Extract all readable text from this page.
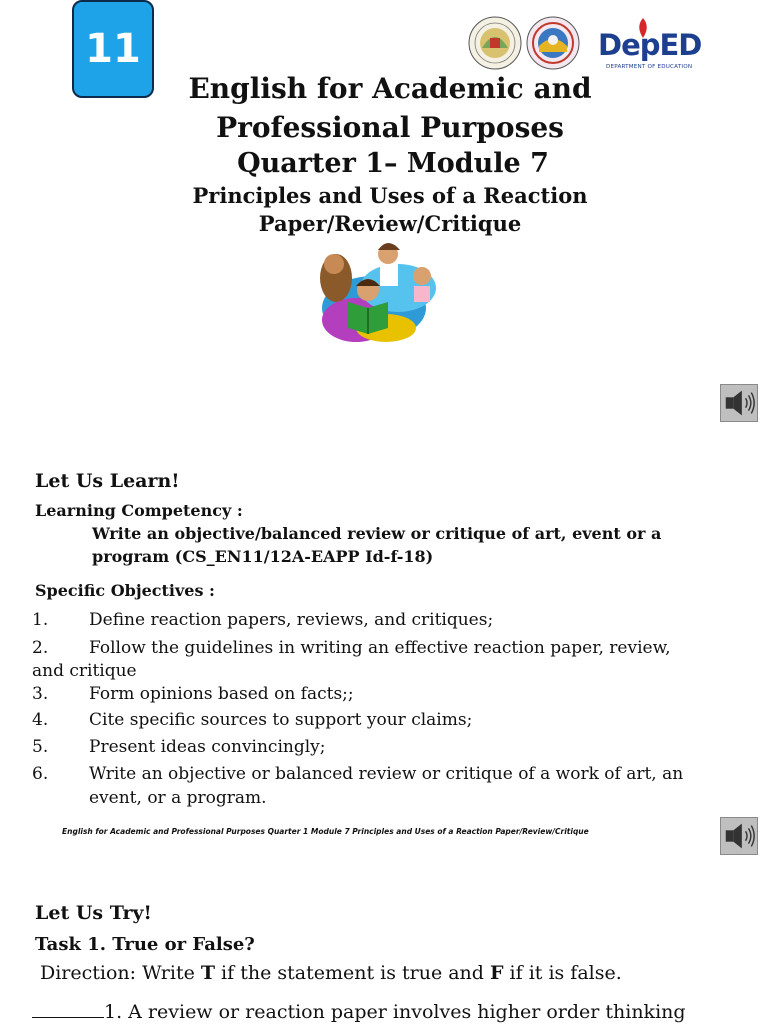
11	DepED
DEPARTMENT OF EDUCATION
English for Academic and
Professional Purposes
Quarter 1– Module 7
Principles and Uses of a Reaction
Paper/Review/Critique
Let Us Learn!
Learning Competency :
Write an objective/balanced review or critique of art, event or a
program (CS_EN11/12A-EAPP Id-f-18)
Specific Objectives :
1. Define reaction papers, reviews, and critiques;
2. Follow the guidelines in writing an effective reaction paper, review,
and critique
3. Form opinions based on facts;;
4. Cite specific sources to support your claims;
5. Present ideas convincingly;
6. Write an objective or balanced review or critique of a work of art, an
event, or a program.
English for Academic and Professional Purposes Quarter 1 Module 7 Principles and Uses of a Reaction Paper/Review/Critique
Let Us Try!
Task 1. True or False?
Direction: Write T if the statement is true and F if it is false.
1. A review or reaction paper involves higher order thinking
